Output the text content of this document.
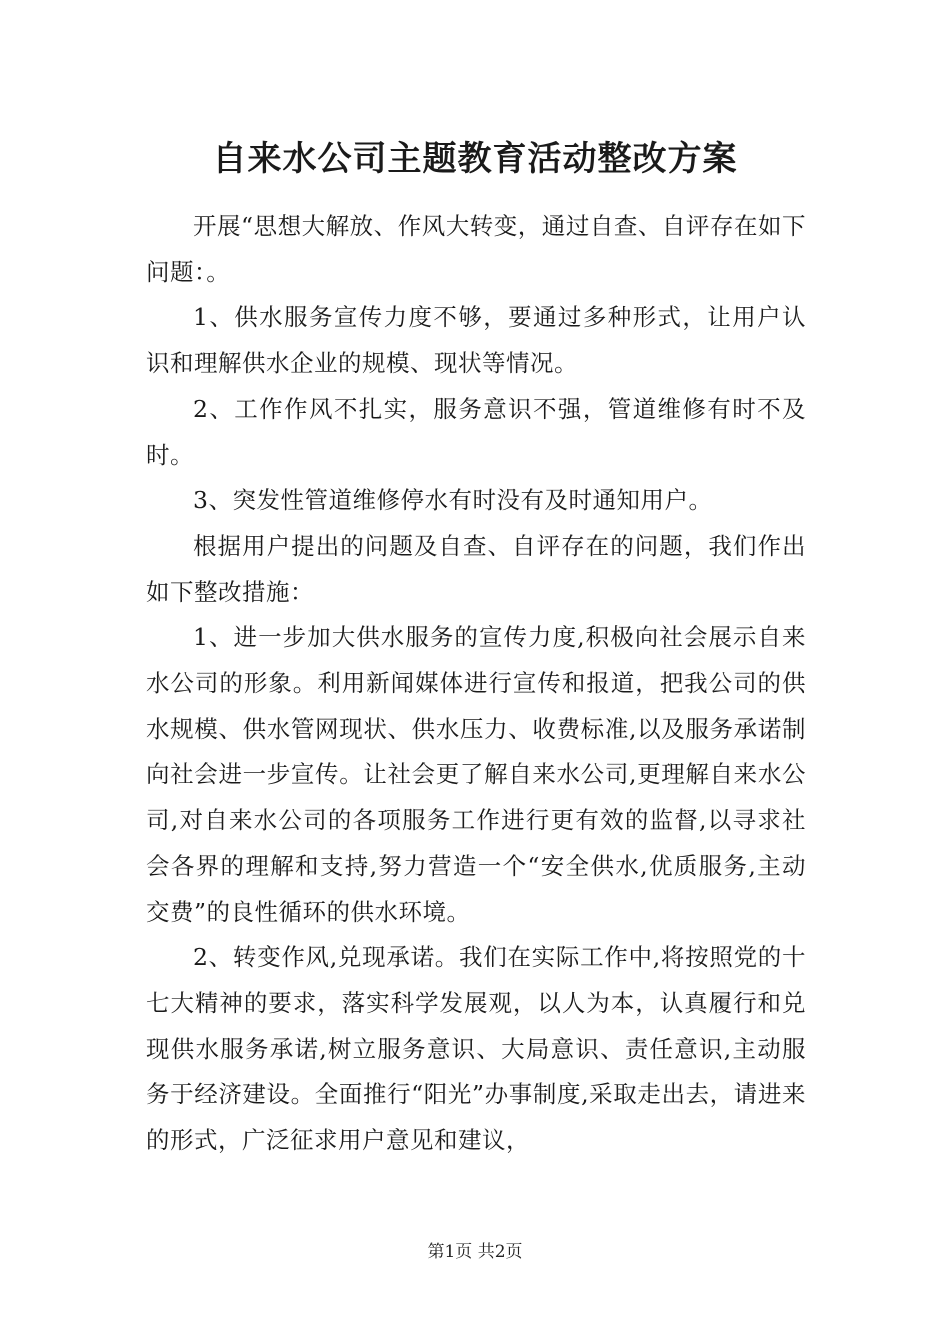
自来水公司主题教育活动整改方案

开展“思想大解放、作风大转变，通过自查、自评存在如下问题：。

1、供水服务宣传力度不够，要通过多种形式，让用户认识和理解供水企业的规模、现状等情况。

2、工作作风不扎实，服务意识不强，管道维修有时不及时。

3、突发性管道维修停水有时没有及时通知用户。

根据用户提出的问题及自查、自评存在的问题，我们作出如下整改措施：

1、进一步加大供水服务的宣传力度,积极向社会展示自来水公司的形象。利用新闻媒体进行宣传和报道，把我公司的供水规模、供水管网现状、供水压力、收费标准,以及服务承诺制向社会进一步宣传。让社会更了解自来水公司,更理解自来水公司,对自来水公司的各项服务工作进行更有效的监督,以寻求社会各界的理解和支持,努力营造一个“安全供水,优质服务,主动交费”的良性循环的供水环境。

2、转变作风,兑现承诺。我们在实际工作中,将按照党的十七大精神的要求，落实科学发展观，以人为本，认真履行和兑现供水服务承诺,树立服务意识、大局意识、责任意识,主动服务于经济建设。全面推行“阳光”办事制度,采取走出去，请进来的形式，广泛征求用户意见和建议，

第1页 共2页
